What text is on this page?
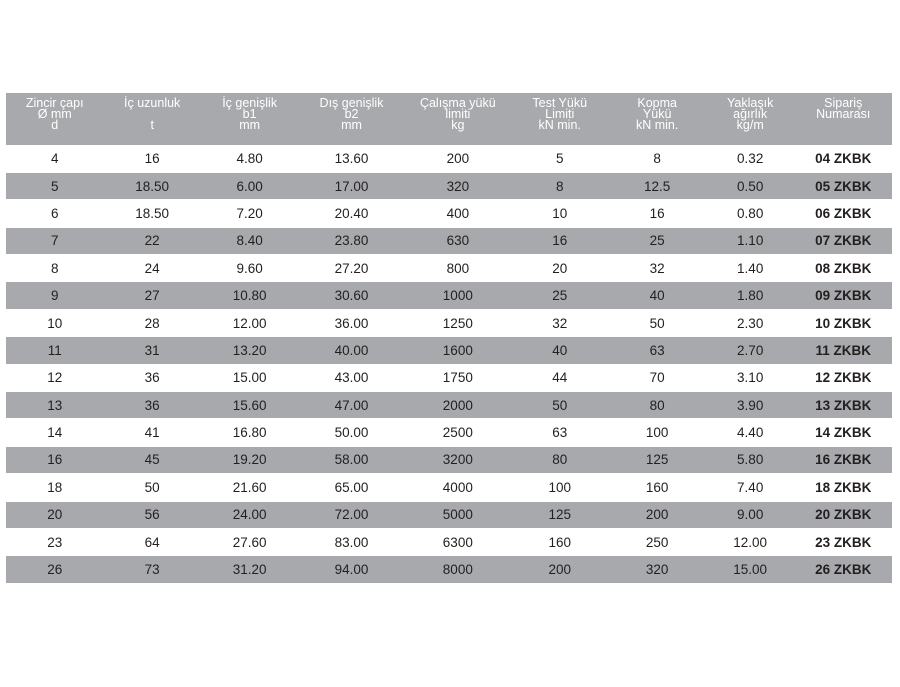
Zincir çapı
Ø mm
d	İç uzunluk
t	İç genişlik
b1
mm	Dış genişlik
b2
mm	Çalışma yükü
limiti
kg	Test Yükü
Limiti
kN min.	Kopma
Yükü
kN min.	Yaklaşık
ağırlık
kg/m	Sipariş
Numarası

4	16	4.80	13.60	200	5	8	0.32	04 ZKBK
5	18.50	6.00	17.00	320	8	12.5	0.50	05 ZKBK
6	18.50	7.20	20.40	400	10	16	0.80	06 ZKBK
7	22	8.40	23.80	630	16	25	1.10	07 ZKBK
8	24	9.60	27.20	800	20	32	1.40	08 ZKBK
9	27	10.80	30.60	1000	25	40	1.80	09 ZKBK
10	28	12.00	36.00	1250	32	50	2.30	10 ZKBK
11	31	13.20	40.00	1600	40	63	2.70	11 ZKBK
12	36	15.00	43.00	1750	44	70	3.10	12 ZKBK
13	36	15.60	47.00	2000	50	80	3.90	13 ZKBK
14	41	16.80	50.00	2500	63	100	4.40	14 ZKBK
16	45	19.20	58.00	3200	80	125	5.80	16 ZKBK
18	50	21.60	65.00	4000	100	160	7.40	18 ZKBK
20	56	24.00	72.00	5000	125	200	9.00	20 ZKBK
23	64	27.60	83.00	6300	160	250	12.00	23 ZKBK
26	73	31.20	94.00	8000	200	320	15.00	26 ZKBK
